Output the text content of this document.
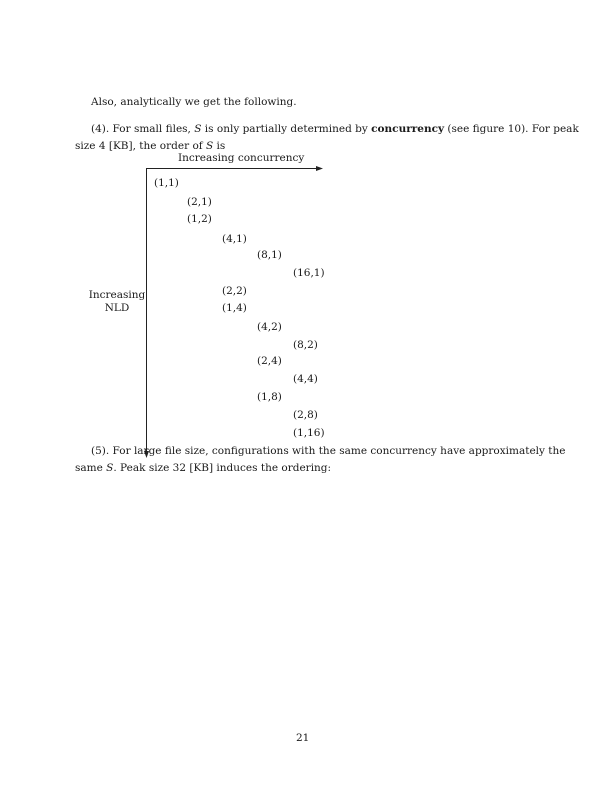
Also, analytically we get the following.

(4). For small files, S is only partially determined by concurrency (see figure 10). For peak

size 4 [KB], the order of S is

Increasing concurrency
Increasing
NLD
(1,1)
(2,1)
(1,2)
(4,1)
(8,1)
(16,1)
(2,2)
(1,4)
(4,2)
(8,2)
(2,4)
(4,4)
(1,8)
(2,8)
(1,16)

(5). For large file size, configurations with the same concurrency have approximately the

same S. Peak size 32 [KB] induces the ordering:

21
